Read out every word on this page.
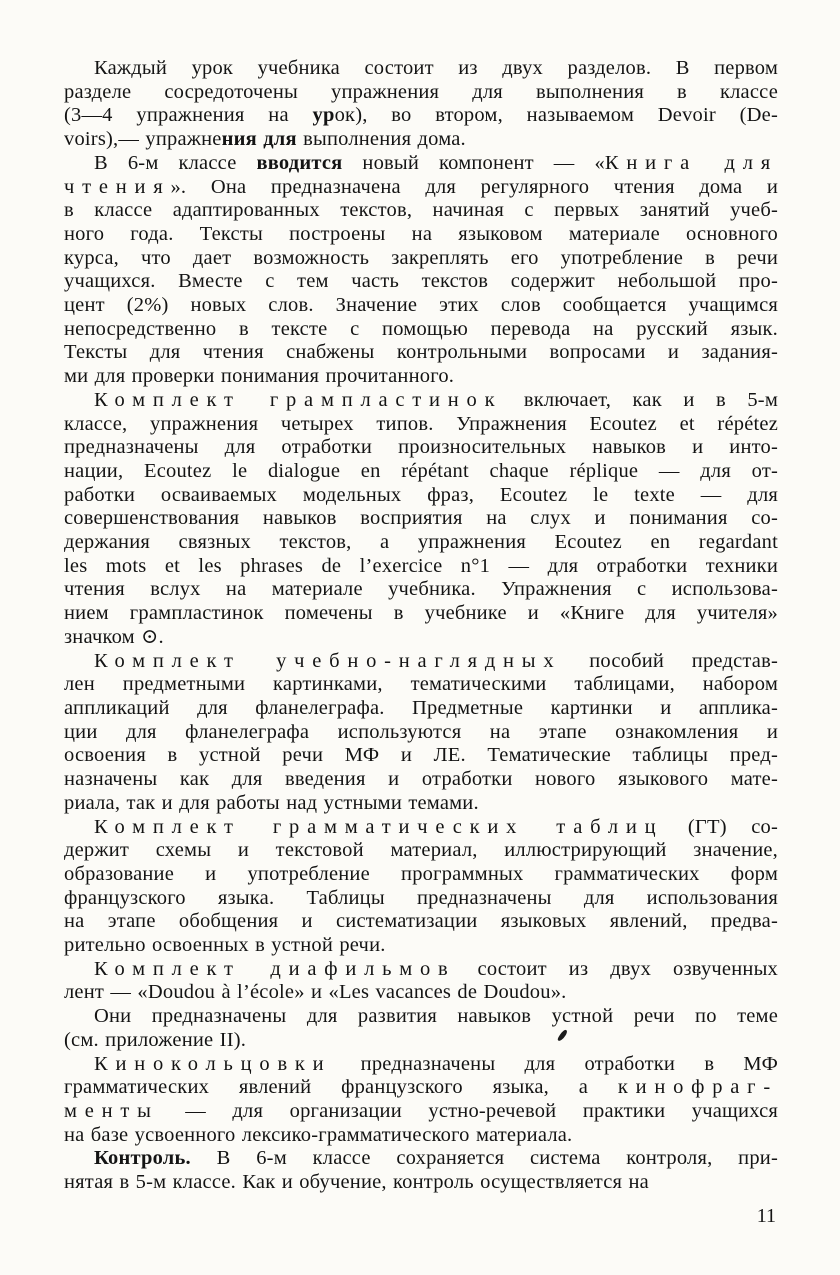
Каждый урок учебника состоит из двух разделов. В первом
разделе сосредоточены упражнения для выполнения в классе
(3—4 упражнения на урок), во втором, называемом Devoir (De-
voirs),— упражнения для выполнения дома.
В 6-м классе вводится новый компонент — «Книга для
чтения». Она предназначена для регулярного чтения дома и
в классе адаптированных текстов, начиная с первых занятий учеб-
ного года. Тексты построены на языковом материале основного
курса, что дает возможность закреплять его употребление в речи
учащихся. Вместе с тем часть текстов содержит небольшой про-
цент (2%) новых слов. Значение этих слов сообщается учащимся
непосредственно в тексте с помощью перевода на русский язык.
Тексты для чтения снабжены контрольными вопросами и задания-
ми для проверки понимания прочитанного.
Комплект грампластинок включает, как и в 5-м
классе, упражнения четырех типов. Упражнения Ecoutez et répétez
предназначены для отработки произносительных навыков и инто-
нации, Ecoutez le dialogue en répétant chaque réplique — для от-
работки осваиваемых модельных фраз, Ecoutez le texte — для
совершенствования навыков восприятия на слух и понимания со-
держания связных текстов, а упражнения Ecoutez en regardant
les mots et les phrases de l’exercice n°1 — для отработки техники
чтения вслух на материале учебника. Упражнения с использова-
нием грампластинок помечены в учебнике и «Книге для учителя»
значком ⊙.
Комплект учебно-наглядных пособий представ-
лен предметными картинками, тематическими таблицами, набором
аппликаций для фланелеграфа. Предметные картинки и апплика-
ции для фланелеграфа используются на этапе ознакомления и
освоения в устной речи МФ и ЛЕ. Тематические таблицы пред-
назначены как для введения и отработки нового языкового мате-
риала, так и для работы над устными темами.
Комплект грамматических таблиц (ГТ) со-
держит схемы и текстовой материал, иллюстрирующий значение,
образование и употребление программных грамматических форм
французского языка. Таблицы предназначены для использования
на этапе обобщения и систематизации языковых явлений, предва-
рительно освоенных в устной речи.
Комплект диафильмов состоит из двух озвученных
лент — «Doudou à l’école» и «Les vacances de Doudou».
Они предназначены для развития навыков устной речи по теме
(см. приложение II).
Кинокольцовки предназначены для отработки в МФ
грамматических явлений французского языка, а кинофраг-
менты — для организации устно-речевой практики учащихся
на базе усвоенного лексико-грамматического материала.
Контроль. В 6-м классе сохраняется система контроля, при-
нятая в 5-м классе. Как и обучение, контроль осуществляется на
11
